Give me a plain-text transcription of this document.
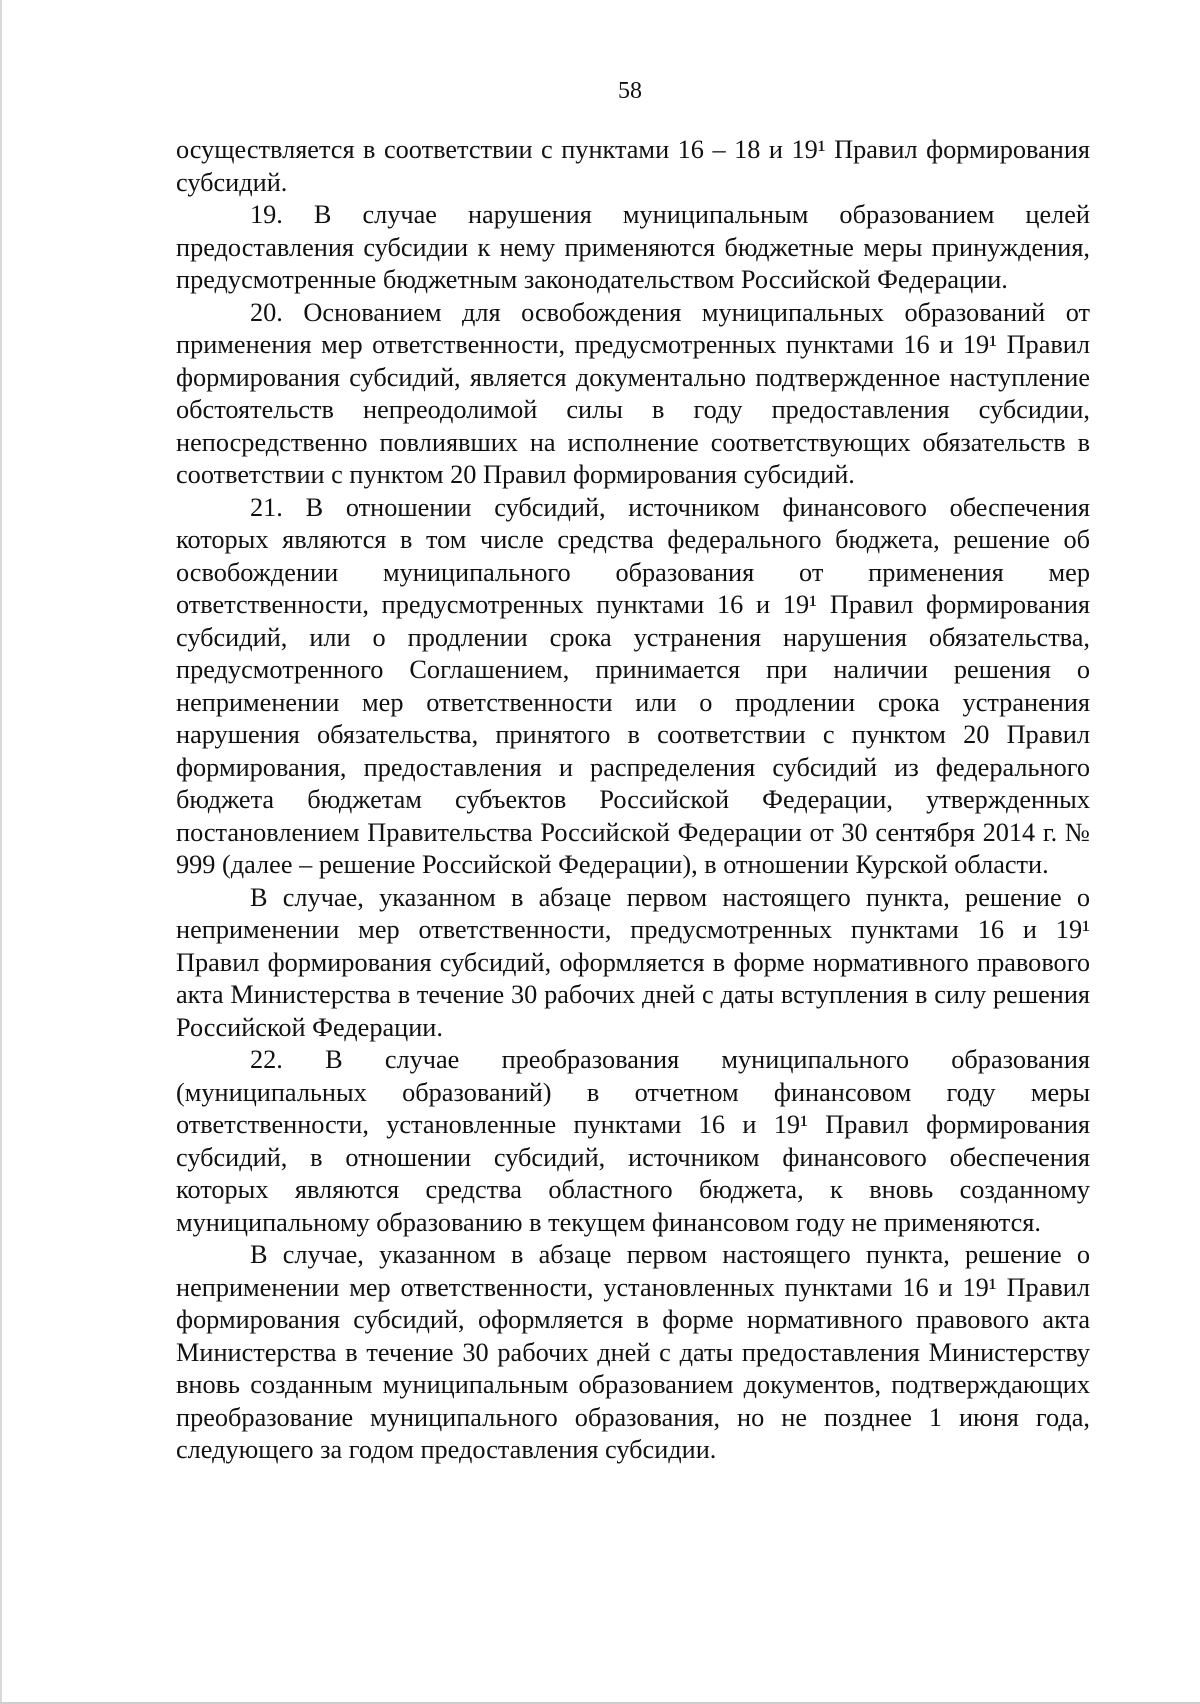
58

осуществляется в соответствии с пунктами 16 – 18 и 19¹ Правил формирования субсидий.

19. В случае нарушения муниципальным образованием целей предоставления субсидии к нему применяются бюджетные меры принуждения, предусмотренные бюджетным законодательством Российской Федерации.

20. Основанием для освобождения муниципальных образований от применения мер ответственности, предусмотренных пунктами 16 и 19¹ Правил формирования субсидий, является документально подтвержденное наступление обстоятельств непреодолимой силы в году предоставления субсидии, непосредственно повлиявших на исполнение соответствующих обязательств в соответствии с пунктом 20 Правил формирования субсидий.

21. В отношении субсидий, источником финансового обеспечения которых являются в том числе средства федерального бюджета, решение об освобождении муниципального образования от применения мер ответственности, предусмотренных пунктами 16 и 19¹ Правил формирования субсидий, или о продлении срока устранения нарушения обязательства, предусмотренного Соглашением, принимается при наличии решения о неприменении мер ответственности или о продлении срока устранения нарушения обязательства, принятого в соответствии с пунктом 20 Правил формирования, предоставления и распределения субсидий из федерального бюджета бюджетам субъектов Российской Федерации, утвержденных постановлением Правительства Российской Федерации от 30 сентября 2014 г. № 999 (далее – решение Российской Федерации), в отношении Курской области.

В случае, указанном в абзаце первом настоящего пункта, решение о неприменении мер ответственности, предусмотренных пунктами 16 и 19¹ Правил формирования субсидий, оформляется в форме нормативного правового акта Министерства в течение 30 рабочих дней с даты вступления в силу решения Российской Федерации.

22. В случае преобразования муниципального образования (муниципальных образований) в отчетном финансовом году меры ответственности, установленные пунктами 16 и 19¹ Правил формирования субсидий, в отношении субсидий, источником финансового обеспечения которых являются средства областного бюджета, к вновь созданному муниципальному образованию в текущем финансовом году не применяются.

В случае, указанном в абзаце первом настоящего пункта, решение о неприменении мер ответственности, установленных пунктами 16 и 19¹ Правил формирования субсидий, оформляется в форме нормативного правового акта Министерства в течение 30 рабочих дней с даты предоставления Министерству вновь созданным муниципальным образованием документов, подтверждающих преобразование муниципального образования, но не позднее 1 июня года, следующего за годом предоставления субсидии.
